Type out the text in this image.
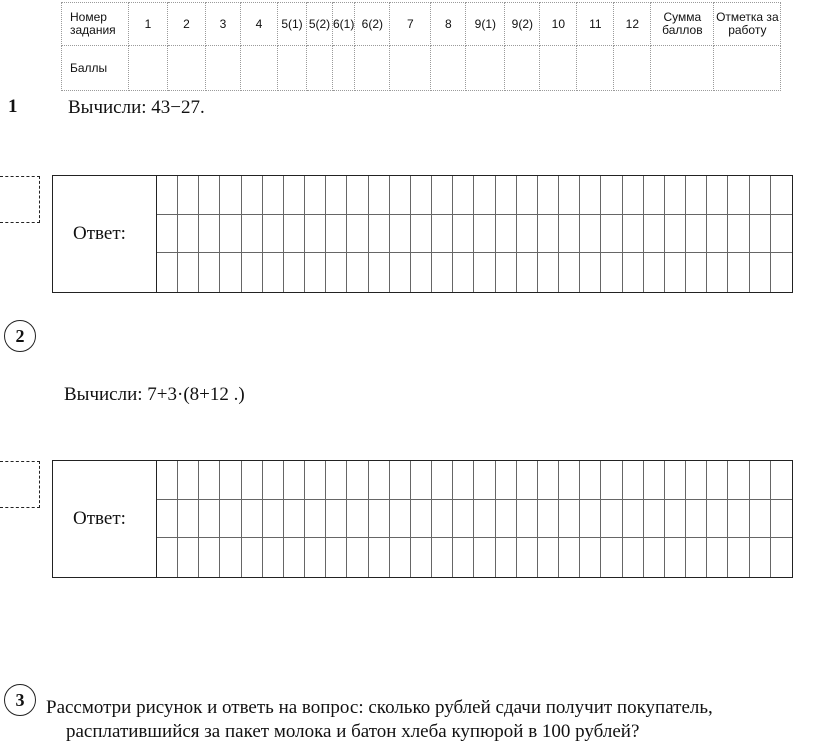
Номер задания	1	2	3	4	5(1)	5(2)	6(1)	6(2)	7	8	9(1)	9(2)	10	11	12	Сумма баллов	Отметка за работу
Баллы																	
1	Вычисли: 43−27.
Ответ:
2
Вычисли: 7+3·(8+12 .)
Ответ:
3 Рассмотри рисунок и ответь на вопрос: сколько рублей сдачи получит покупатель,
расплатившийся за пакет молока и батон хлеба купюрой в 100 рублей?
